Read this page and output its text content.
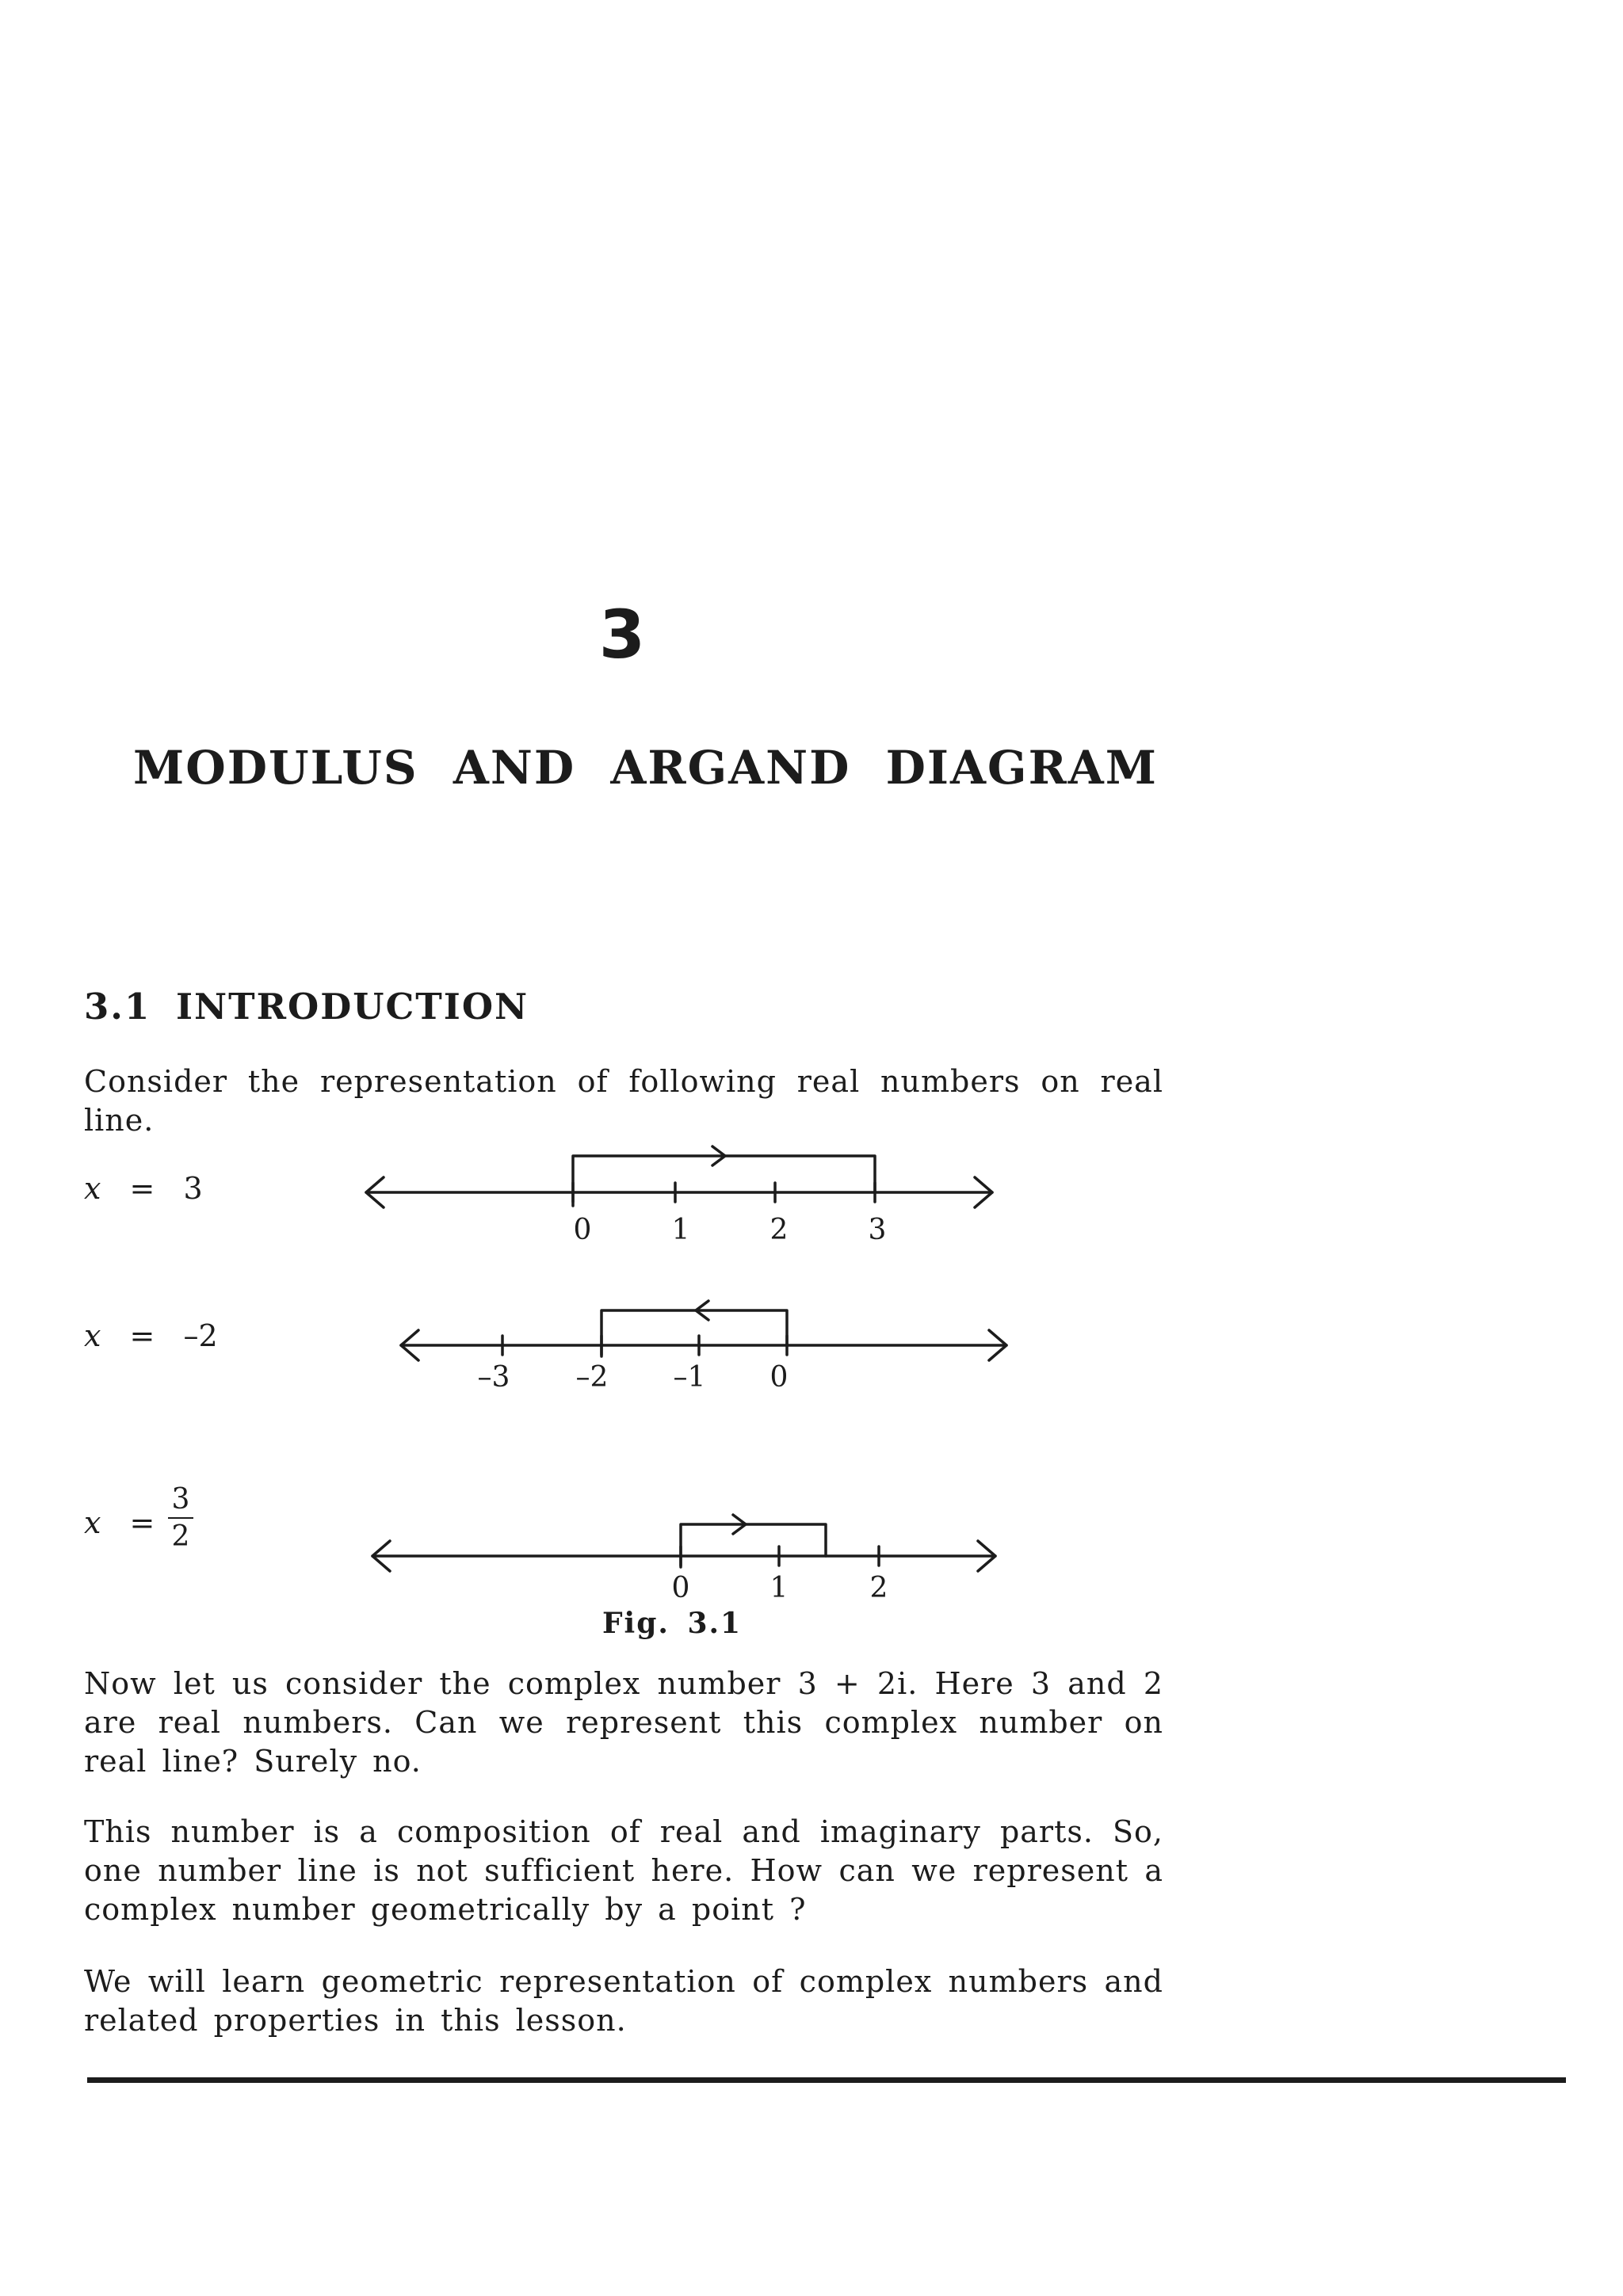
3
MODULUS AND ARGAND DIAGRAM
3.1 INTRODUCTION
Consider the representation of following real numbers on real line.
x = 3
x = –2
x =
3
2
0	1	2	3
–3 –2 –1 0
0	1	2
Fig. 3.1
Now let us consider the complex number 3 + 2i. Here 3 and 2 are real numbers. Can we represent this complex number on real line? Surely no.
This number is a composition of real and imaginary parts. So, one number line is not sufficient here. How can we represent a complex number geometrically by a point ?
We will learn geometric representation of complex numbers and related properties in this lesson.
